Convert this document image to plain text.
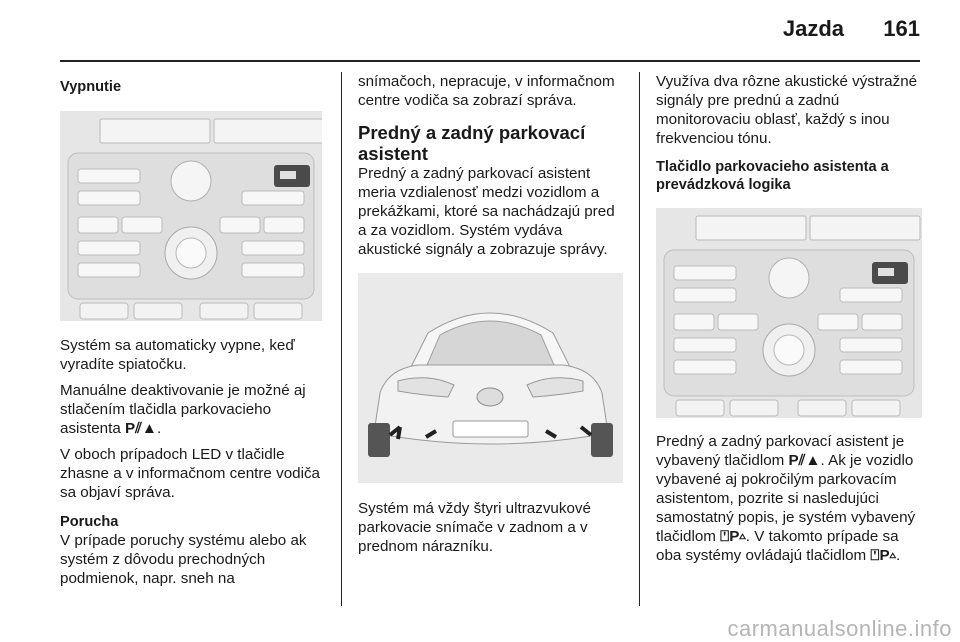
Jazda 161

Vypnutie

Systém sa automaticky vypne, keď vyradíte spiatočku.

Manuálne deaktivovanie je možné aj stlačením tlačidla parkovacieho asistenta P⫽▲.

V oboch prípadoch LED v tlačidle zhasne a v informačnom centre vodiča sa objaví správa.

Porucha

V prípade poruchy systému alebo ak systém z dôvodu prechodných podmienok, napr. sneh na

snímačoch, nepracuje, v informačnom centre vodiča sa zobrazí správa.

Predný a zadný parkovací asistent

Predný a zadný parkovací asistent meria vzdialenosť medzi vozidlom a prekážkami, ktoré sa nachádzajú pred a za vozidlom. Systém vydáva akustické signály a zobrazuje správy.

Systém má vždy štyri ultrazvukové parkovacie snímače v zadnom a v prednom nárazníku.

Využíva dva rôzne akustické výstražné signály pre prednú a zadnú monitorovaciu oblasť, každý s inou frekvenciou tónu.

Tlačidlo parkovacieho asistenta a prevádzková logika

Predný a zadný parkovací asistent je vybavený tlačidlom P⫽▲. Ak je vozidlo vybavené aj pokročilým parkovacím asistentom, pozrite si nasledujúci samostatný popis, je systém vybavený tlačidlom ⍞P▵. V takomto prípade sa oba systémy ovládajú tlačidlom ⍞P▵.

carmanualsonline.info
